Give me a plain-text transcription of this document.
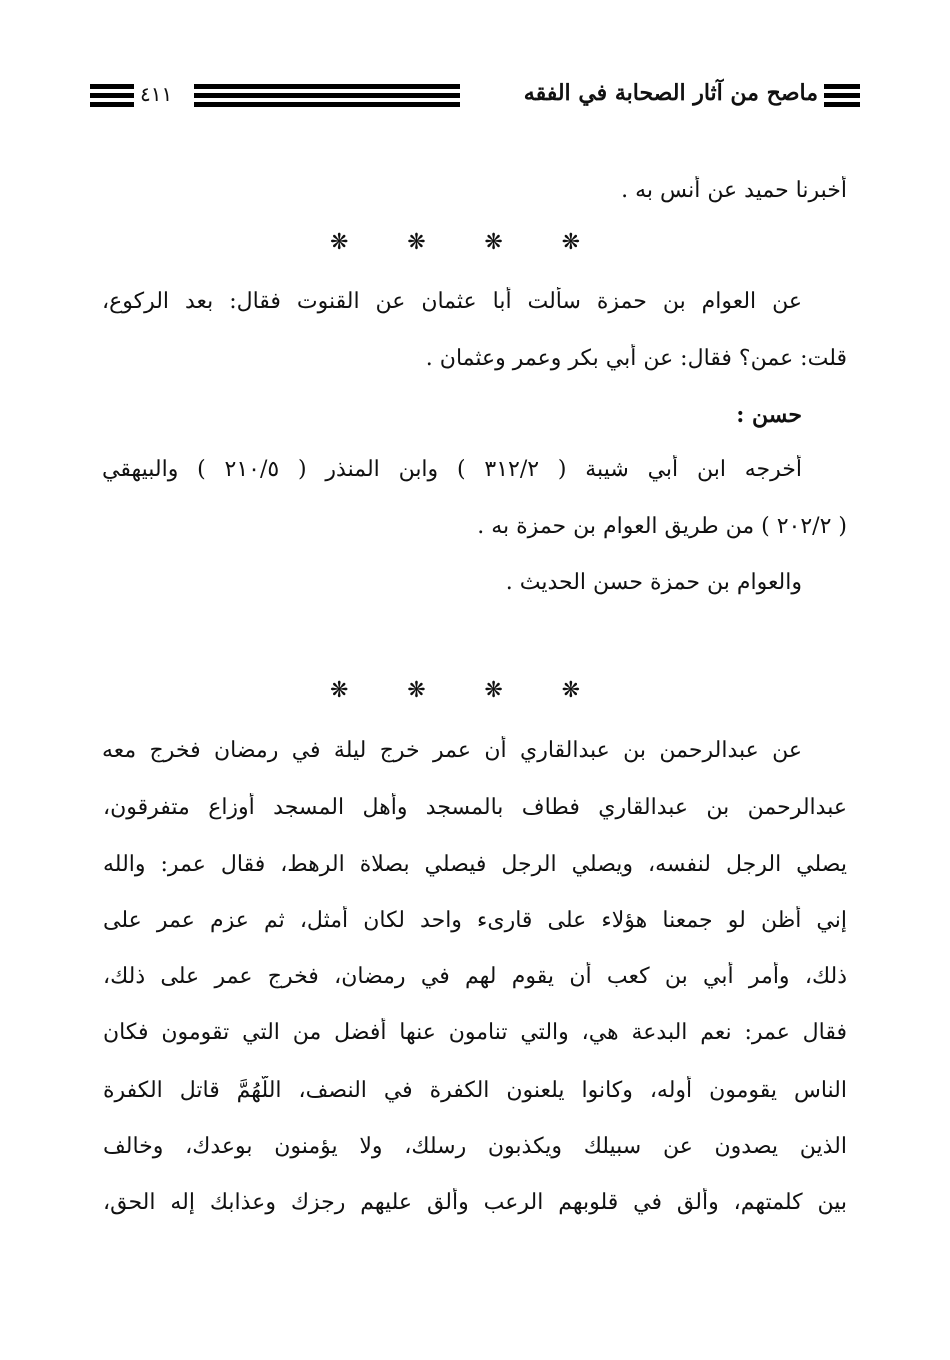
ماصح من آثار الصحابة في الفقه
٤١١
أخبرنا حميد عن أنس به .
❋
❋
❋
❋
عن العوام بن حمزة سألت أبا عثمان عن القنوت فقال: بعد الركوع،
قلت: عمن؟ فقال: عن أبي بكر وعمر وعثمان .
حسن :
أخرجه ابن أبي شيبة ( ٣١٢/٢ ) وابن المنذر ( ٢١٠/٥ ) والبيهقي
( ٢٠٢/٢ ) من طريق العوام بن حمزة به .
والعوام بن حمزة حسن الحديث .
❋
❋
❋
❋
عن عبدالرحمن بن عبدالقاري أن عمر خرج ليلة في رمضان فخرج معه
عبدالرحمن بن عبدالقاري فطاف بالمسجد وأهل المسجد أوزاع متفرقون،
يصلي الرجل لنفسه، ويصلي الرجل فيصلي بصلاة الرهط، فقال عمر: والله
إني أظن لو جمعنا هؤلاء على قارىء واحد لكان أمثل، ثم عزم عمر على
ذلك، وأمر أبي بن كعب أن يقوم لهم في رمضان، فخرج عمر على ذلك،
فقال عمر: نعم البدعة هي، والتي تنامون عنها أفضل من التي تقومون فكان
الناس يقومون أوله، وكانوا يلعنون الكفرة في النصف، اللَّهُمَّ قاتل الكفرة
الذين يصدون عن سبيلك ويكذبون رسلك، ولا يؤمنون بوعدك، وخالف
بين كلمتهم، وألق في قلوبهم الرعب وألق عليهم رجزك وعذابك إله الحق،
